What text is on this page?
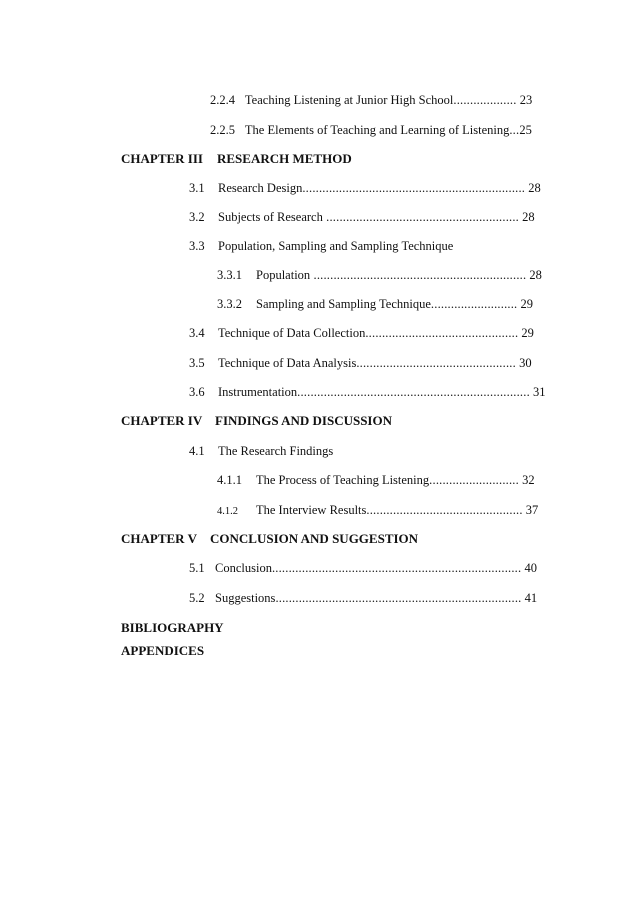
2.2.4 Teaching Listening at Junior High School................... 23
2.2.5 The Elements of Teaching and Learning of Listening...25
CHAPTER III RESEARCH METHOD
3.1 Research Design................................................................... 28
3.2 Subjects of Research .......................................................... 28
3.3 Population, Sampling and Sampling Technique
3.3.1 Population ................................................................ 28
3.3.2 Sampling and Sampling Technique.......................... 29
3.4 Technique of Data Collection.............................................. 29
3.5 Technique of Data Analysis................................................ 30
3.6 Instrumentation...................................................................... 31
CHAPTER IV FINDINGS AND DISCUSSION
4.1 The Research Findings
4.1.1 The Process of Teaching Listening........................... 32
4.1.2 The Interview Results............................................... 37
CHAPTER V CONCLUSION AND SUGGESTION
5.1 Conclusion........................................................................... 40
5.2 Suggestions.......................................................................... 41
BIBLIOGRAPHY
APPENDICES
